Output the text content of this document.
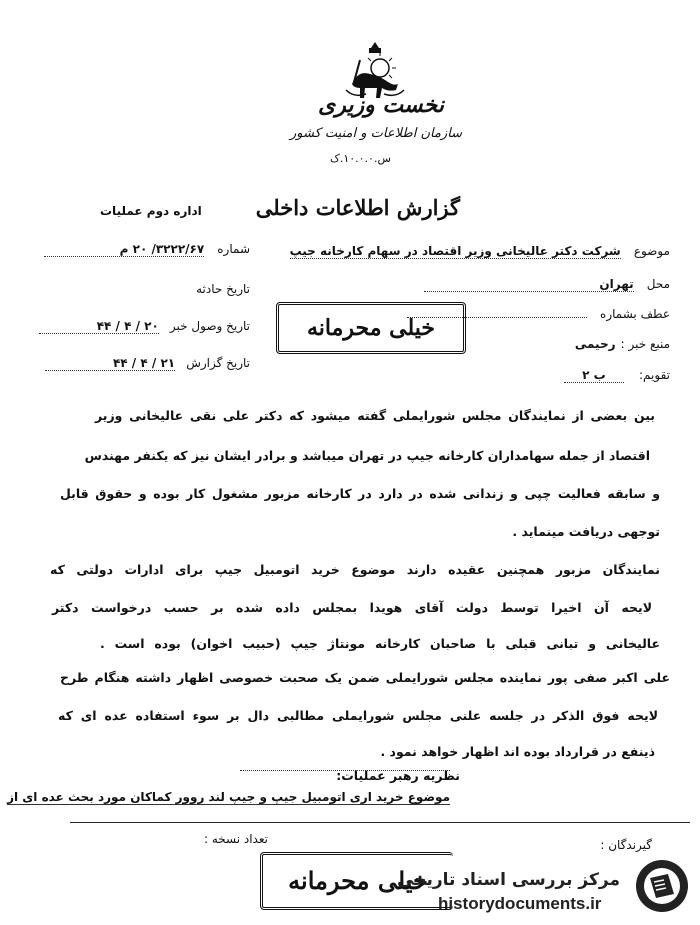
نخست وزیری
سازمان اطلاعات و امنیت کشور
س.۱۰.۰.۰.ک
گزارش اطلاعات داخلی
اداره دوم عملیات
موضوع شرکت دکتر عالیخانی وزیر اقتصاد در سهام کارخانه جیپ
محل تهران
عطف بشماره
منبع خبر : رحیمی
تقویم: ب ۲
شماره ۳۲۲۲/۶۷/ ۲۰ م
تاریخ حادثه
تاریخ وصول خبر ۲۰ / ۴ / ۴۴
تاریخ گزارش ۲۱ / ۴ / ۴۴
خیلی محرمانه
بین بعضی از نمایندگان مجلس شورایملی گفته میشود که دکتر علی نقی عالیخانی وزیر
اقتصاد از جمله سهامداران کارخانه جیپ در تهران میباشد و برادر ایشان نیز که یکنفر مهندس
و سابقه فعالیت چپی و زندانی شده در دارد در کارخانه مزبور مشغول کار بوده و حقوق قابل
توجهی دریافت مینماید .
نمایندگان مزبور همچنین عقیده دارند موضوع خرید اتومبیل جیپ برای ادارات دولتی که
لایحه آن اخیرا توسط دولت آقای هویدا بمجلس داده شده بر حسب درخواست دکتر
عالیخانی و تبانی قبلی با صاحبان کارخانه مونتاژ جیپ (حبیب اخوان) بوده است .
علی اکبر صفی پور نماینده مجلس شورایملی ضمن یک صحبت خصوصی اظهار داشته هنگام طرح
لایحه فوق الذکر در جلسه علنی مجلس شورایملی مطالبی دال بر سوء استفاده عده ای که
ذینفع در قرارداد بوده اند اظهار خواهد نمود .
نظریه رهبر عملیات:
موضوع خرید اری اتومبیل جیپ و جیپ لند روور کماکان مورد بحث عده ای از
گیرندگان :
تعداد نسخه :
خیلی محرمانه
مرکز بررسی اسناد تاریخی
historydocuments.ir
